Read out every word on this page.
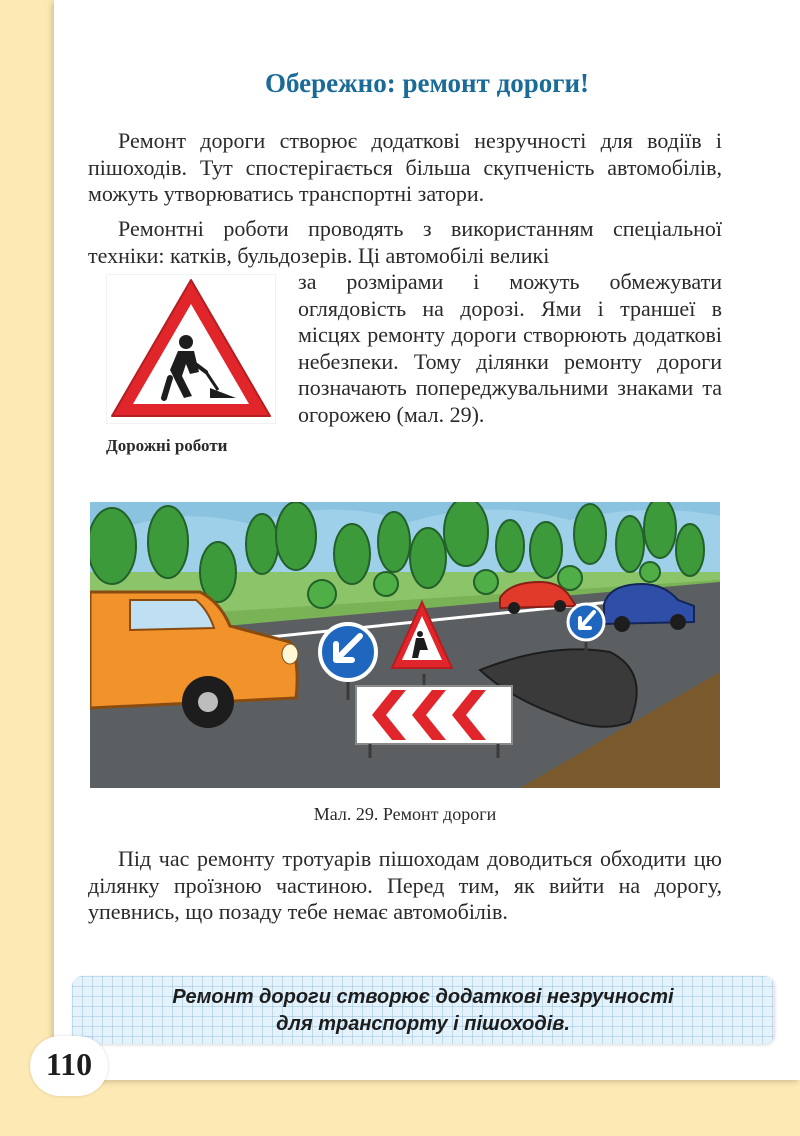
Обережно: ремонт дороги!

Ремонт дороги створює додаткові незручності для водіїв і пішоходів. Тут спостерігається більша скупченість автомобілів, можуть утворюватись транспортні затори.

Ремонтні роботи проводять з використанням спеціальної техніки: катків, бульдозерів. Ці автомобілі великі

за розмірами і можуть обмежувати оглядовість на дорозі. Ями і траншеї в місцях ремонту дороги створюють додаткові небезпеки. Тому ділянки ремонту дороги позначають попереджувальними знаками та огорожею (мал. 29).

Дорожні роботи
Мал. 29. Ремонт дороги

Під час ремонту тротуарів пішоходам доводиться обходити цю ділянку проїзною частиною. Перед тим, як вийти на дорогу, упевнись, що позаду тебе немає автомобілів.

Ремонт дороги створює додаткові незручності

для транспорту і пішоходів.

110
